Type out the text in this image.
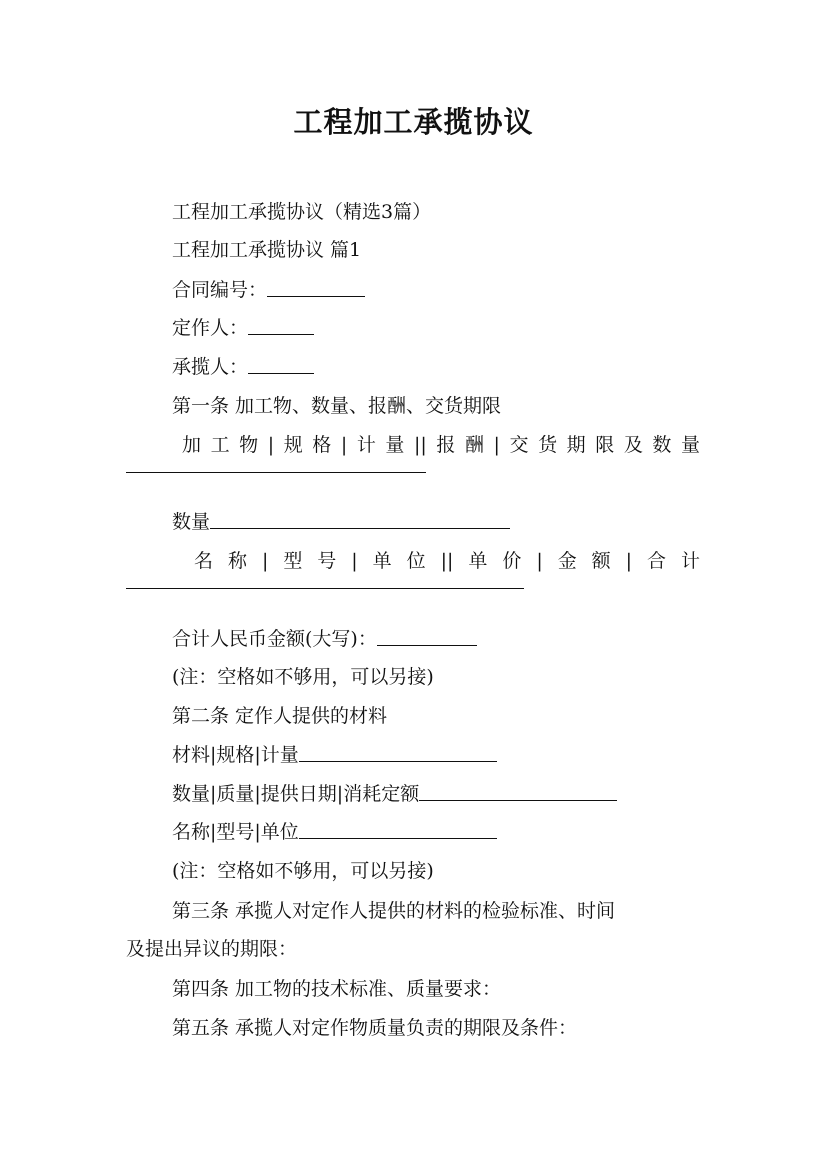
工程加工承揽协议
工程加工承揽协议（精选3篇）
工程加工承揽协议 篇1
合同编号：
定作人：
承揽人：
第一条 加工物、数量、报酬、交货期限
加工物|规格|计量||报酬|交货期限及数量
数量
名称|型号|单位||单价|金额|合计
合计人民币金额(大写)：
(注：空格如不够用，可以另接)
第二条 定作人提供的材料
材料|规格|计量
数量|质量|提供日期|消耗定额
名称|型号|单位
(注：空格如不够用，可以另接)
第三条 承揽人对定作人提供的材料的检验标准、时间
及提出异议的期限：
第四条 加工物的技术标准、质量要求：
第五条 承揽人对定作物质量负责的期限及条件：
